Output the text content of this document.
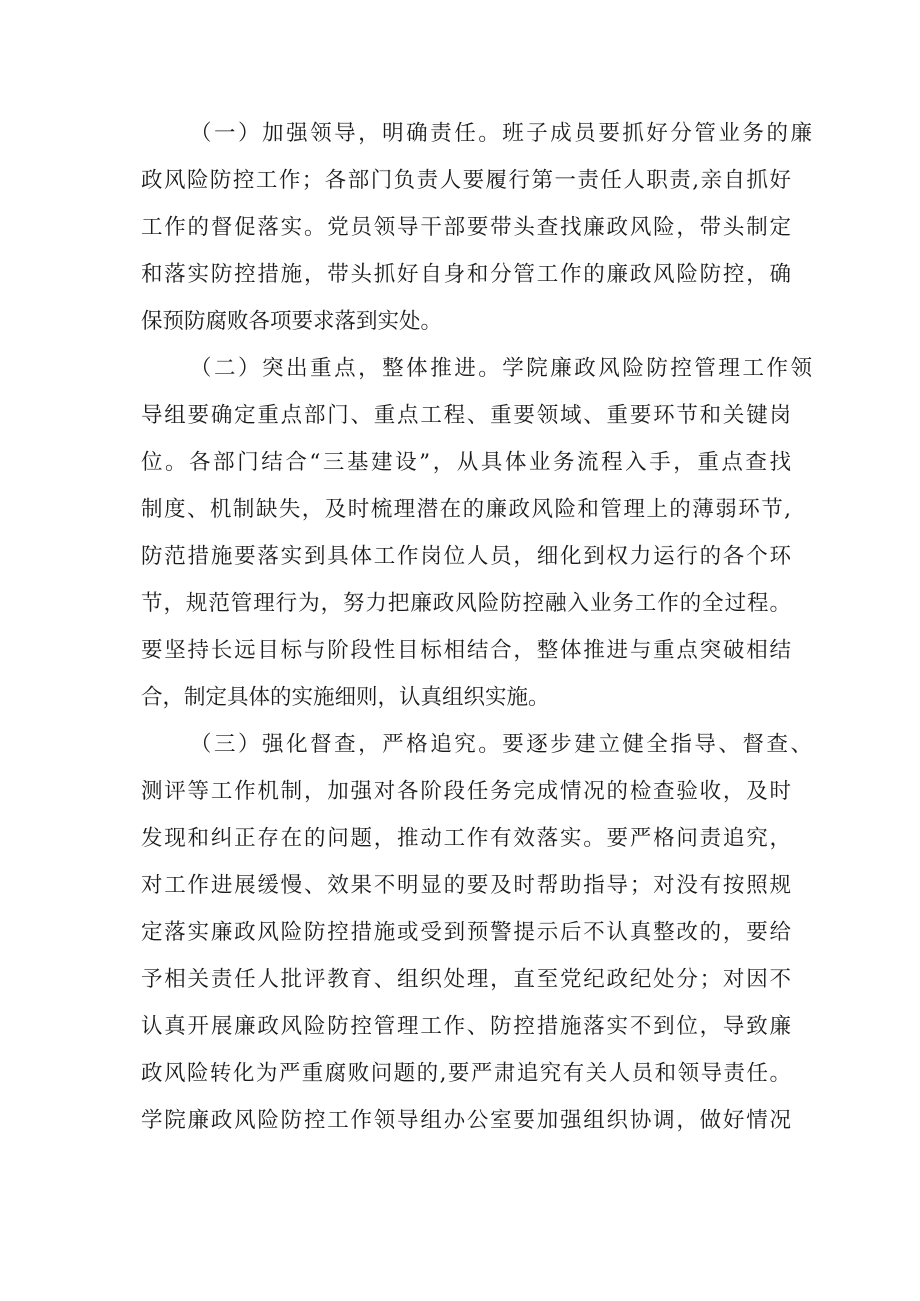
（一）加强领导，明确责任。班子成员要抓好分管业务的廉
政风险防控工作；各部门负责人要履行第一责任人职责,亲自抓好
工作的督促落实。党员领导干部要带头查找廉政风险，带头制定
和落实防控措施，带头抓好自身和分管工作的廉政风险防控，确
保预防腐败各项要求落到实处。
（二）突出重点，整体推进。学院廉政风险防控管理工作领
导组要确定重点部门、重点工程、重要领域、重要环节和关键岗
位。各部门结合“三基建设”，从具体业务流程入手，重点查找
制度、机制缺失，及时梳理潜在的廉政风险和管理上的薄弱环节,
防范措施要落实到具体工作岗位人员，细化到权力运行的各个环
节，规范管理行为，努力把廉政风险防控融入业务工作的全过程。
要坚持长远目标与阶段性目标相结合，整体推进与重点突破相结
合，制定具体的实施细则，认真组织实施。
（三）强化督查，严格追究。要逐步建立健全指导、督查、
测评等工作机制，加强对各阶段任务完成情况的检查验收，及时
发现和纠正存在的问题，推动工作有效落实。要严格问责追究，
对工作进展缓慢、效果不明显的要及时帮助指导；对没有按照规
定落实廉政风险防控措施或受到预警提示后不认真整改的，要给
予相关责任人批评教育、组织处理，直至党纪政纪处分；对因不
认真开展廉政风险防控管理工作、防控措施落实不到位，导致廉
政风险转化为严重腐败问题的,要严肃追究有关人员和领导责任。
学院廉政风险防控工作领导组办公室要加强组织协调，做好情况
